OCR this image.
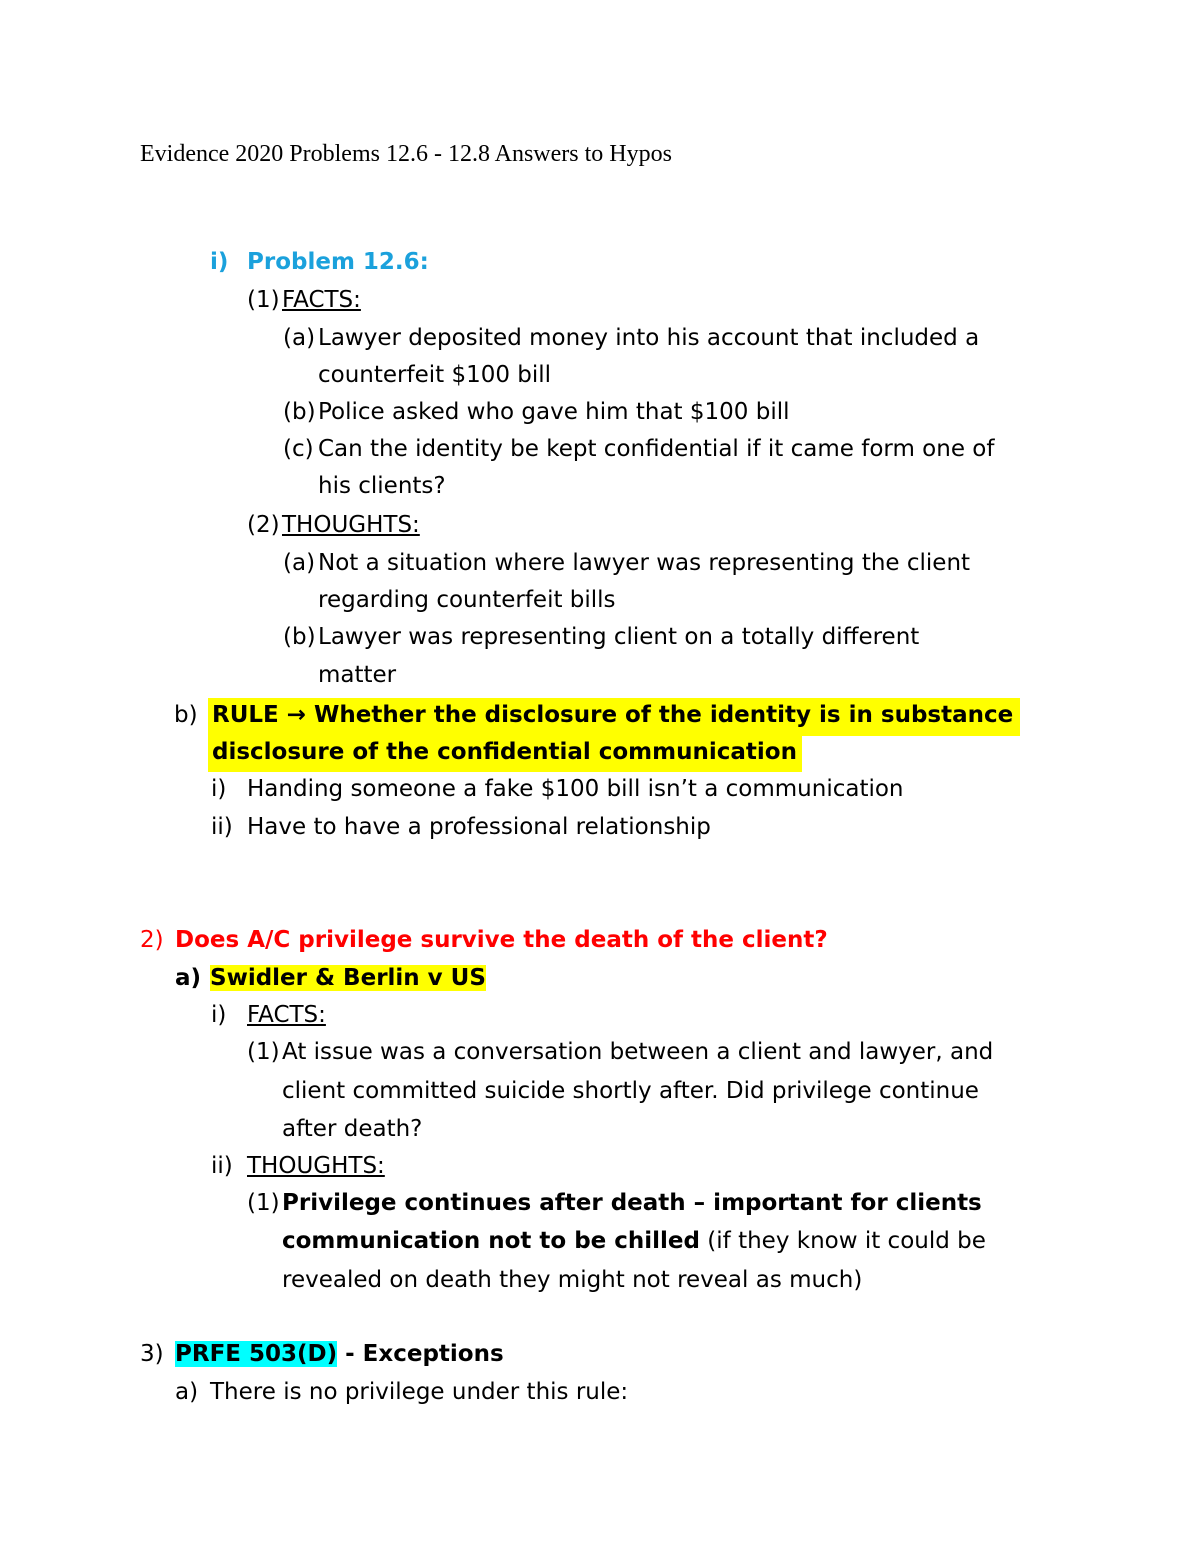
Evidence 2020 Problems 12.6 - 12.8 Answers to Hypos
i) Problem 12.6:
(1) FACTS:
(a) Lawyer deposited money into his account that included a
counterfeit $100 bill
(b) Police asked who gave him that $100 bill
(c) Can the identity be kept confidential if it came form one of
his clients?
(2) THOUGHTS:
(a) Not a situation where lawyer was representing the client
regarding counterfeit bills
(b) Lawyer was representing client on a totally different
matter
b) RULE → Whether the disclosure of the identity is in substance
disclosure of the confidential communication
i) Handing someone a fake $100 bill isn’t a communication
ii) Have to have a professional relationship
2) Does A/C privilege survive the death of the client?
a) Swidler & Berlin v US
i) FACTS:
(1) At issue was a conversation between a client and lawyer, and
client committed suicide shortly after. Did privilege continue
after death?
ii) THOUGHTS:
(1) Privilege continues after death – important for clients
communication not to be chilled (if they know it could be
revealed on death they might not reveal as much)
3) PRFE 503(D) - Exceptions
a) There is no privilege under this rule:
